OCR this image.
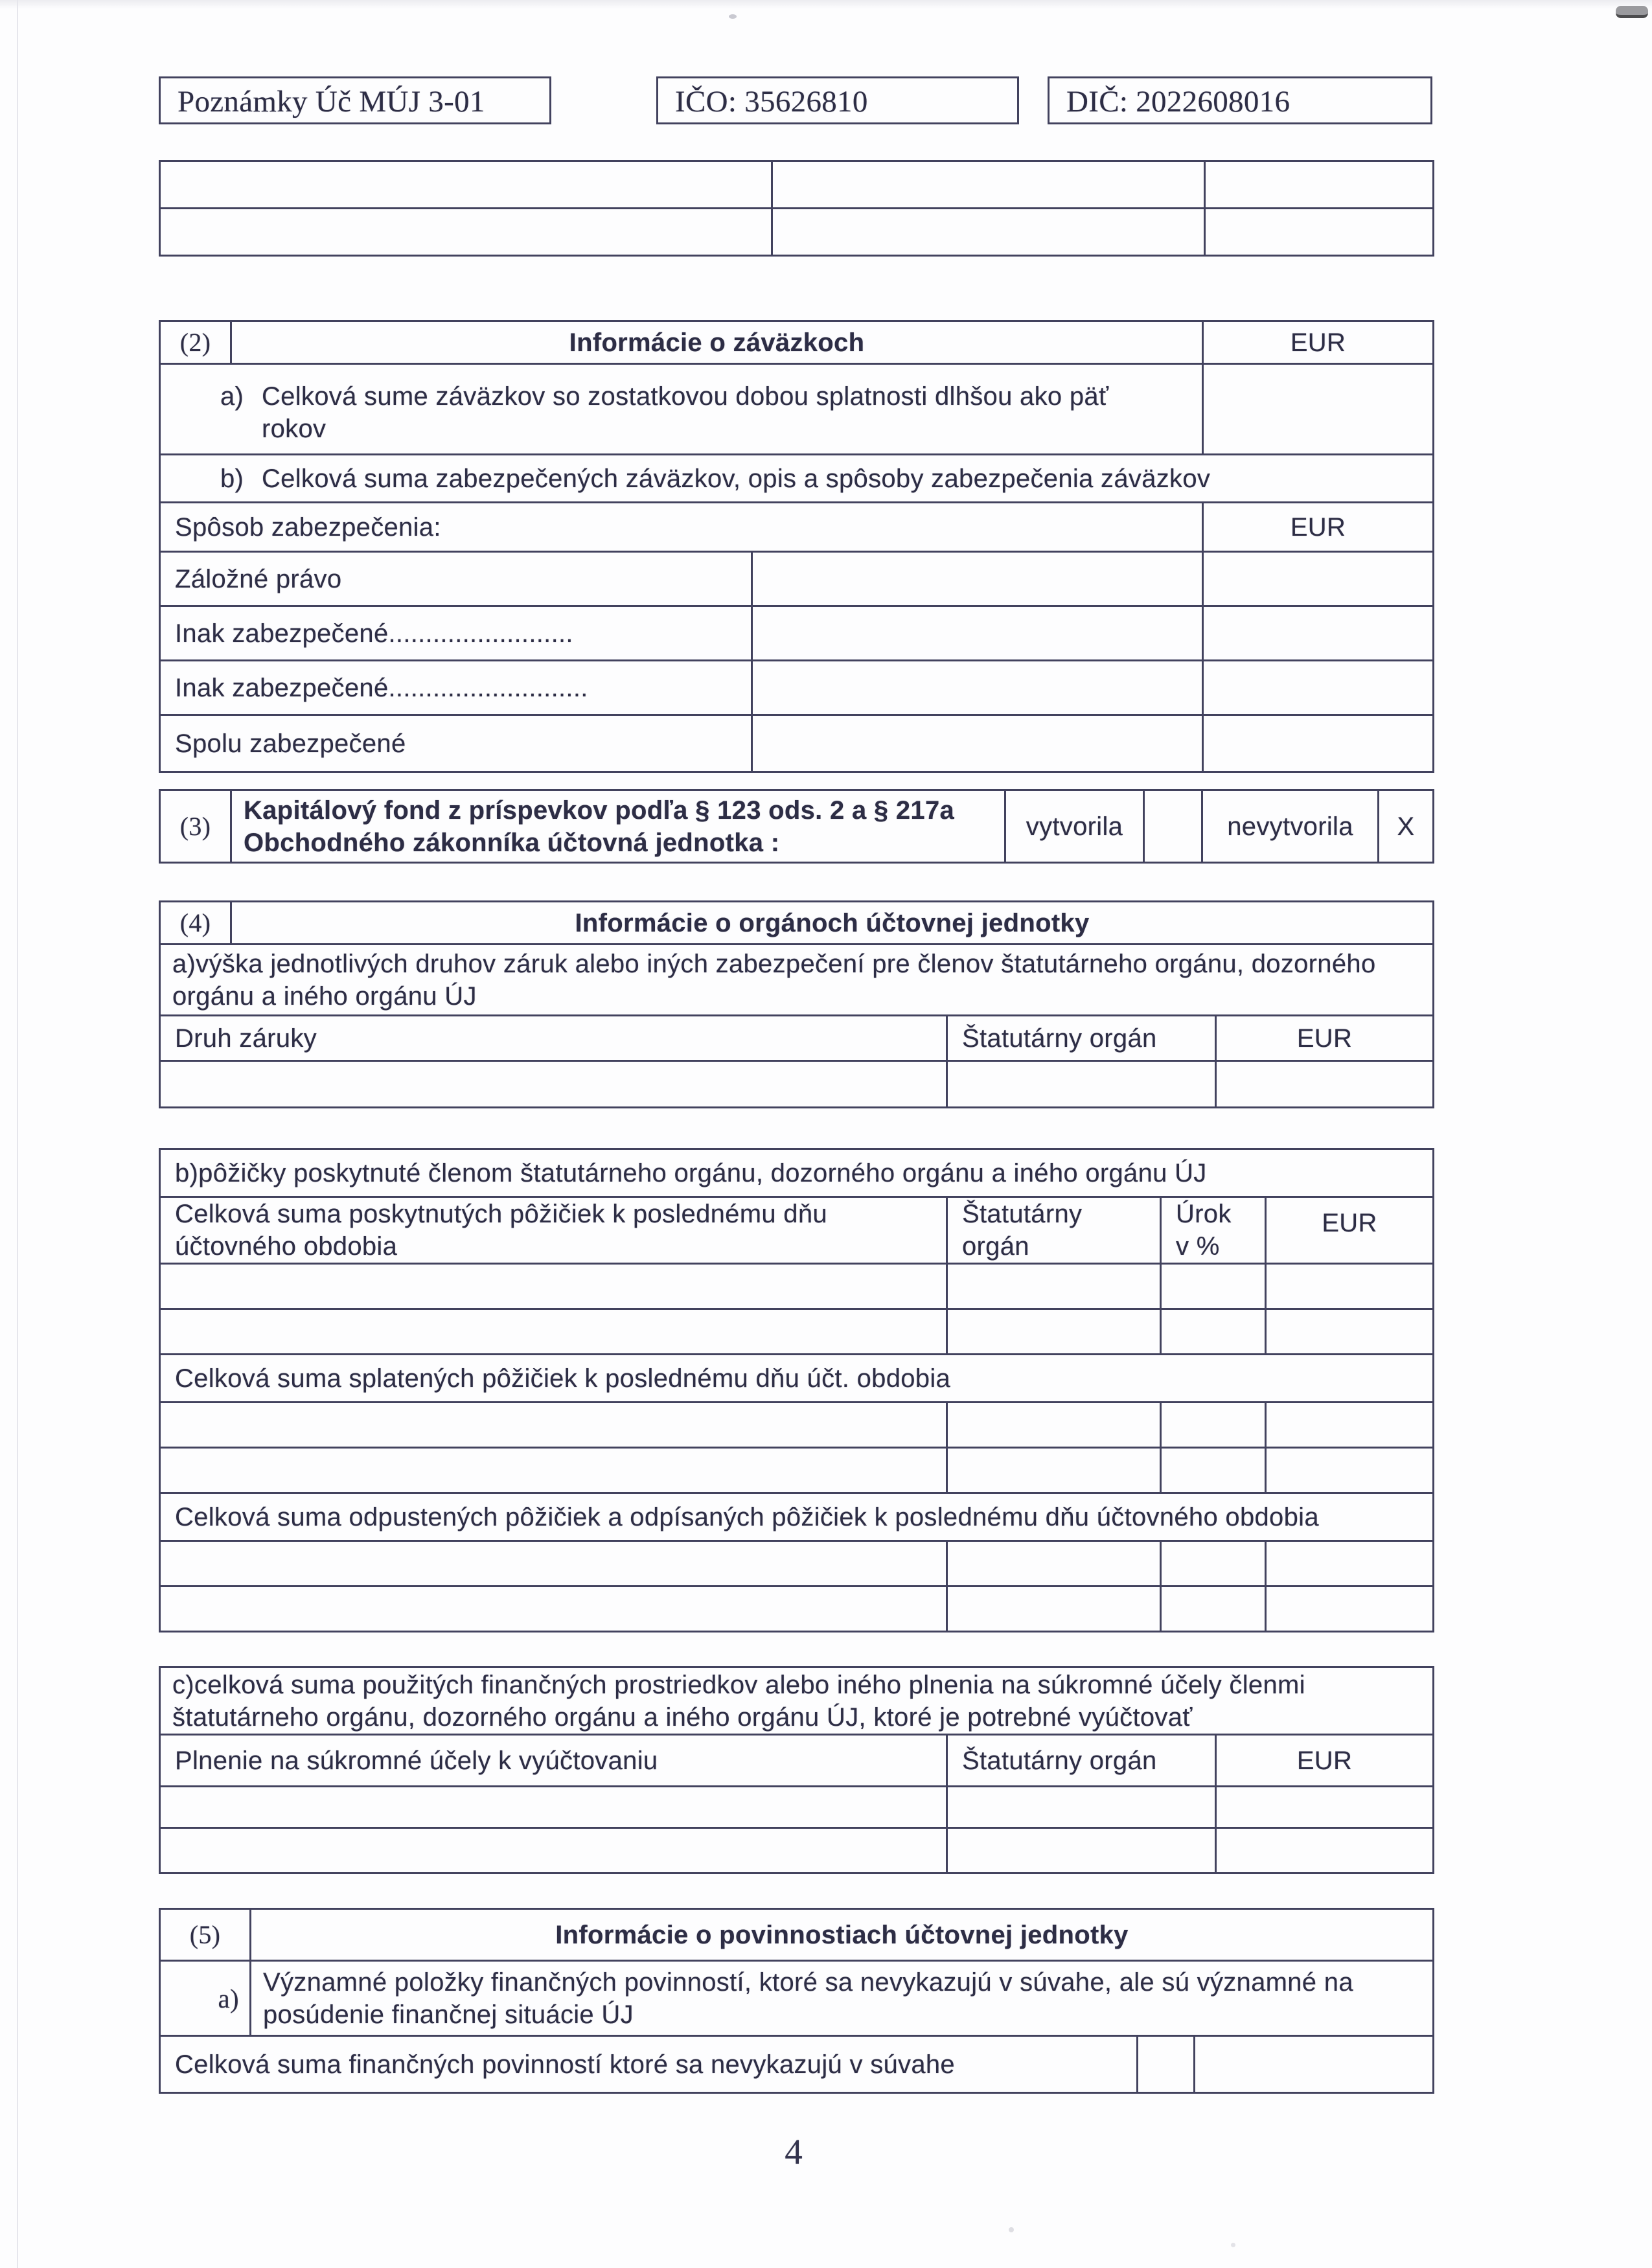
Poznámky Úč MÚJ 3-01	IČO: 35626810	DIČ: 2022608016

(2)	Informácie o záväzkoch		EUR
a) Celková sume záväzkov so zostatkovou dobou splatnosti dlhšou ako päť rokov			
b) Celková suma zabezpečených záväzkov, opis a spôsoby zabezpečenia záväzkov			
Spôsob zabezpečenia:			EUR
Záložné právo			
Inak zabezpečené.........................			
Inak zabezpečené...........................			
Spolu zabezpečené			
(3)	Kapitálový fond z príspevkov podľa § 123 ods. 2 a § 217a Obchodného zákonníka účtovná jednotka :	vytvorila		nevytvorila	X
(4)	Informácie o orgánoch účtovnej jednotky		
a)výška jednotlivých druhov záruk alebo iných zabezpečení pre členov štatutárneho orgánu, dozorného orgánu a iného orgánu ÚJ			
Druh záruky		Štatutárny orgán	EUR

b)pôžičky poskytnuté členom štatutárneho orgánu, dozorného orgánu a iného orgánu ÚJ			
Celková suma poskytnutých pôžičiek k poslednému dňu účtovného obdobia	Štatutárny orgán	Úrok v %	EUR

Celková suma splatených pôžičiek k poslednému dňu účt. obdobia			

Celková suma odpustených pôžičiek a odpísaných pôžičiek k poslednému dňu účtovného obdobia			

c)celková suma použitých finančných prostriedkov alebo iného plnenia na súkromné účely členmi štatutárneho orgánu, dozorného orgánu a iného orgánu ÚJ, ktoré je potrebné vyúčtovať		
Plnenie na súkromné účely k vyúčtovaniu	Štatutárny orgán	EUR

(5)	Informácie o povinnostiach účtovnej jednotky		
a)	Významné položky finančných povinností, ktoré sa nevykazujú v súvahe, ale sú významné na posúdenie finančnej situácie ÚJ		
Celková suma finančných povinností ktoré sa nevykazujú v súvahe			
4
